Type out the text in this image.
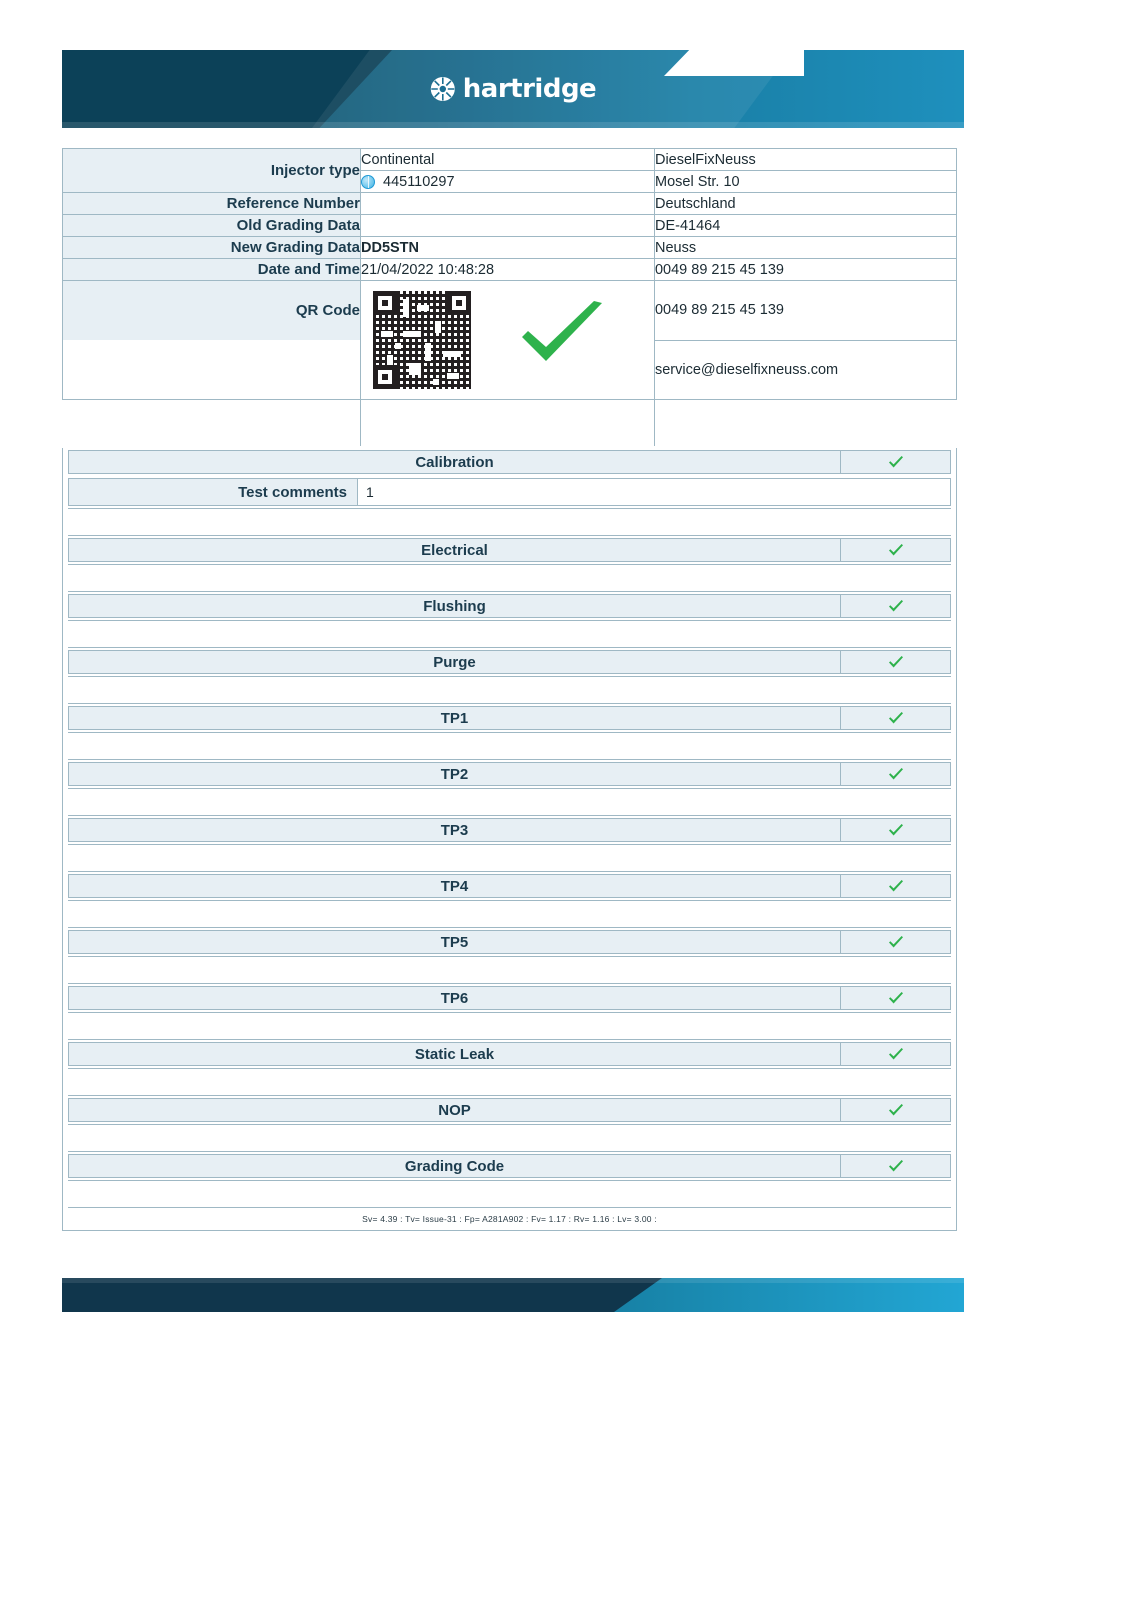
hartridge
Injector type	Continental	DieselFixNeuss

	445110297	Mosel Str. 10
Reference Number		Deutschland
Old Grading Data		DE-41464
New Grading Data	DD5STN	Neuss
Date and Time	21/04/2022 10:48:28	0049 89 215 45 139
QR Code		0049 89 215 45 139
		service@dieselfixneuss.com

Calibration
Test comments	1
Electrical
Flushing
Purge
TP1
TP2
TP3
TP4
TP5
TP6
Static Leak
NOP
Grading Code
Sv= 4.39 : Tv= Issue-31 : Fp= A281A902 : Fv= 1.17 : Rv= 1.16 : Lv= 3.00 :
